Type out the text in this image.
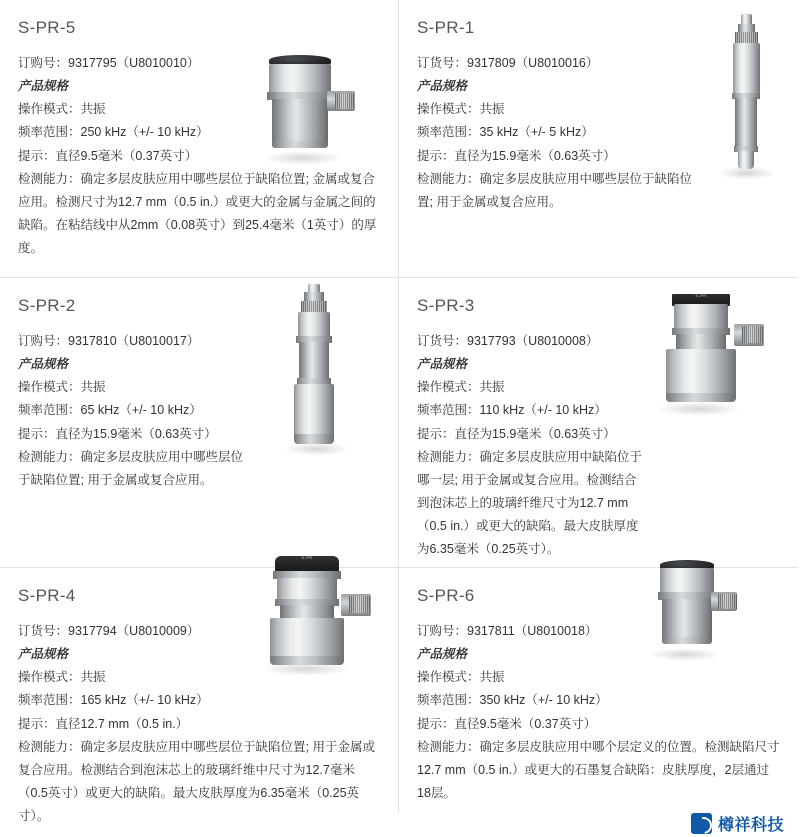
S-PR-5

订购号：9317795（U8010010）

产品规格

操作模式：共振

频率范围：250 kHz（+/- 10 kHz）

提示：直径9.5毫米（0.37英寸）

检测能力：确定多层皮肤应用中哪些层位于缺陷位置; 金属或复合应用。检测尺寸为12.7 mm（0.5 in.）或更大的金属与金属之间的缺陷。在粘结线中从2mm（0.08英寸）到25.4毫米（1英寸）的厚度。

S-PR-1

订货号：9317809（U8010016）

产品规格

操作模式：共振

频率范围：35 kHz（+/- 5 kHz）

提示：直径为15.9毫米（0.63英寸）

检测能力：确定多层皮肤应用中哪些层位于缺陷位置; 用于金属或复合应用。

S-PR-2

订购号：9317810（U8010017）

产品规格

操作模式：共振

频率范围：65 kHz（+/- 10 kHz）

提示：直径为15.9毫米（0.63英寸）

检测能力：确定多层皮肤应用中哪些层位于缺陷位置; 用于金属或复合应用。

S-PR-3

订货号：9317793（U8010008）

产品规格

操作模式：共振

频率范围：110 kHz（+/- 10 kHz）

提示：直径为15.9毫米（0.63英寸）

检测能力：确定多层皮肤应用中缺陷位于哪一层; 用于金属或复合应用。检测结合到泡沫芯上的玻璃纤维尺寸为12.7 mm（0.5 in.）或更大的缺陷。最大皮肤厚度为6.35毫米（0.25英寸）。

S-PR
S-PR-4

订货号：9317794（U8010009）

产品规格

操作模式：共振

频率范围：165 kHz（+/- 10 kHz）

提示：直径12.7 mm（0.5 in.）

检测能力：确定多层皮肤应用中哪些层位于缺陷位置; 用于金属或复合应用。检测结合到泡沫芯上的玻璃纤维中尺寸为12.7毫米（0.5英寸）或更大的缺陷。最大皮肤厚度为6.35毫米（0.25英寸）。

S-PR
S-PR-6

订购号：9317811（U8010018）

产品规格

操作模式：共振

频率范围：350 kHz（+/- 10 kHz）

提示：直径9.5毫米（0.37英寸）

检测能力：确定多层皮肤应用中哪个层定义的位置。检测缺陷尺寸12.7 mm（0.5 in.）或更大的石墨复合缺陷：皮肤厚度，2层通过18层。

樽祥科技
